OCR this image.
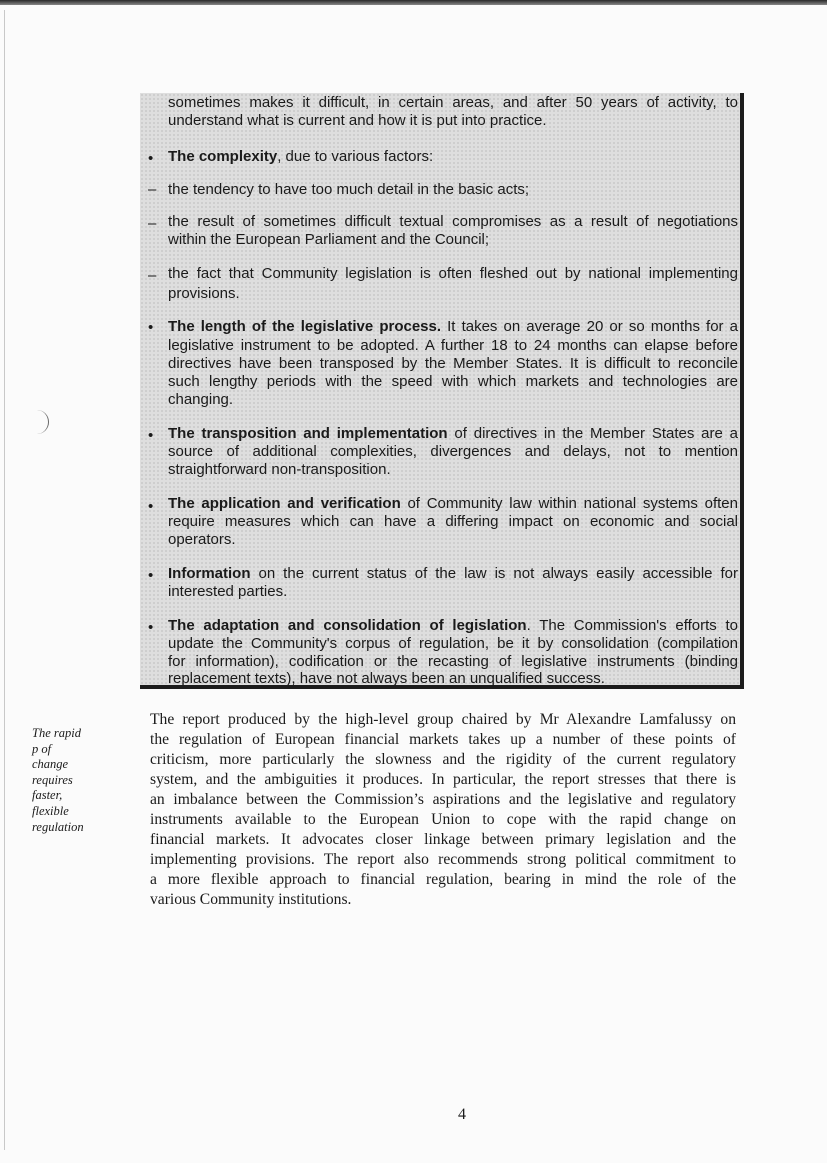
sometimes makes it difficult, in certain areas, and after 50 years of activity, to
understand what is current and how it is put into practice.
• The complexity, due to various factors:
– the tendency to have too much detail in the basic acts;
– the result of sometimes difficult textual compromises as a result of negotiations
within the European Parliament and the Council;
– the fact that Community legislation is often fleshed out by national implementing
provisions.
• The length of the legislative process. It takes on average 20 or so months for a
legislative instrument to be adopted. A further 18 to 24 months can elapse before
directives have been transposed by the Member States. It is difficult to reconcile
such lengthy periods with the speed with which markets and technologies are
changing.
• The transposition and implementation of directives in the Member States are a
source of additional complexities, divergences and delays, not to mention
straightforward non-transposition.
• The application and verification of Community law within national systems often
require measures which can have a differing impact on economic and social
operators.
• Information on the current status of the law is not always easily accessible for
interested parties.
• The adaptation and consolidation of legislation. The Commission's efforts to
update the Community's corpus of regulation, be it by consolidation (compilation
for information), codification or the recasting of legislative instruments (binding
replacement texts), have not always been an unqualified success.
The rapid
p of
change
requires
faster,
flexible
regulation
The report produced by the high-level group chaired by Mr Alexandre Lamfalussy on
the regulation of European financial markets takes up a number of these points of
criticism, more particularly the slowness and the rigidity of the current regulatory
system, and the ambiguities it produces. In particular, the report stresses that there is
an imbalance between the Commission’s aspirations and the legislative and regulatory
instruments available to the European Union to cope with the rapid change on
financial markets. It advocates closer linkage between primary legislation and the
implementing provisions. The report also recommends strong political commitment to
a more flexible approach to financial regulation, bearing in mind the role of the
various Community institutions.
4
